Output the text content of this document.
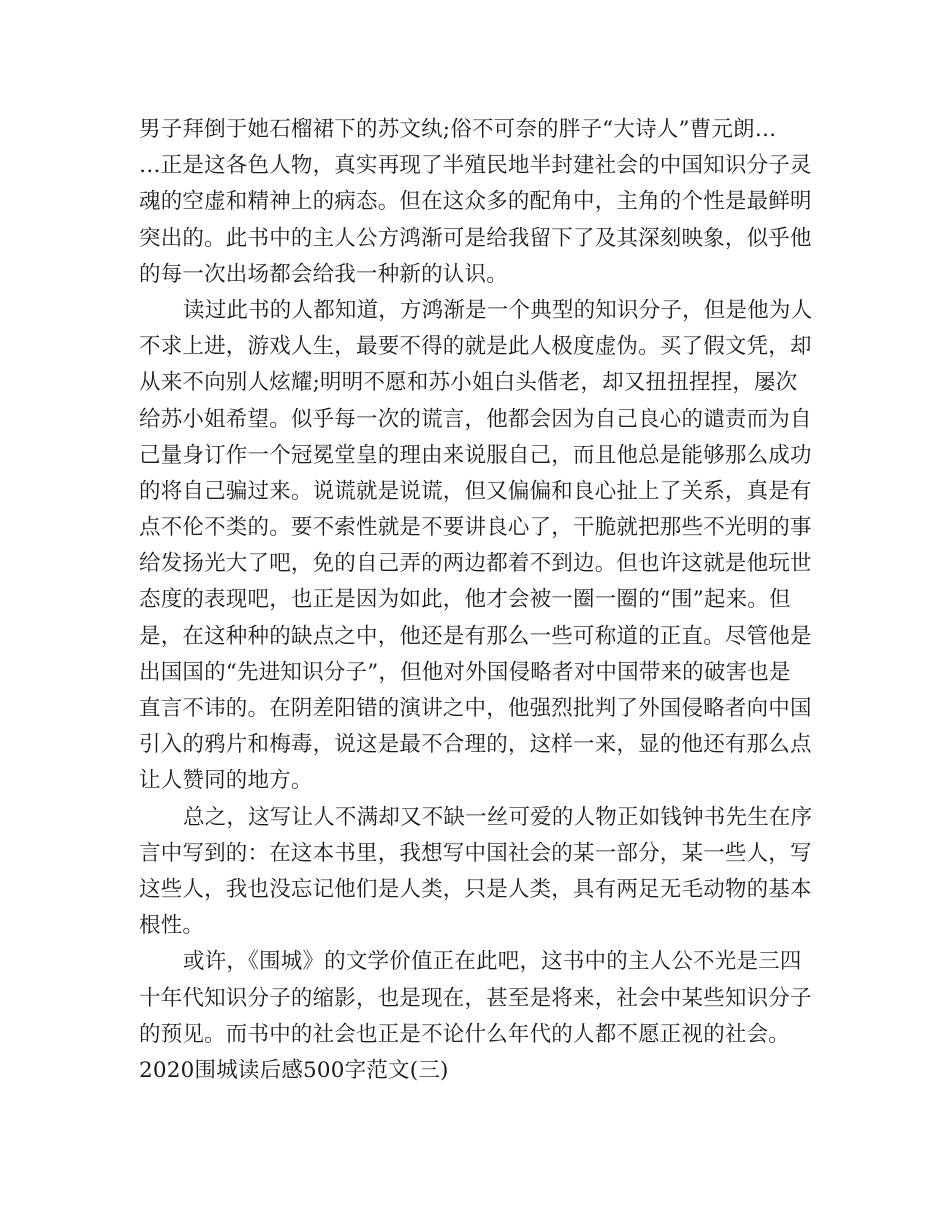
男子拜倒于她石榴裙下的苏文纨;俗不可奈的胖子“大诗人”曹元朗…
…正是这各色人物，真实再现了半殖民地半封建社会的中国知识分子灵
魂的空虚和精神上的病态。但在这众多的配角中，主角的个性是最鲜明
突出的。此书中的主人公方鸿渐可是给我留下了及其深刻映象，似乎他
的每一次出场都会给我一种新的认识。
读过此书的人都知道，方鸿渐是一个典型的知识分子，但是他为人
不求上进，游戏人生，最要不得的就是此人极度虚伪。买了假文凭，却
从来不向别人炫耀;明明不愿和苏小姐白头偕老，却又扭扭捏捏，屡次
给苏小姐希望。似乎每一次的谎言，他都会因为自己良心的谴责而为自
己量身订作一个冠冕堂皇的理由来说服自己，而且他总是能够那么成功
的将自己骗过来。说谎就是说谎，但又偏偏和良心扯上了关系，真是有
点不伦不类的。要不索性就是不要讲良心了，干脆就把那些不光明的事
给发扬光大了吧，免的自己弄的两边都着不到边。但也许这就是他玩世
态度的表现吧，也正是因为如此，他才会被一圈一圈的“围”起来。但
是，在这种种的缺点之中，他还是有那么一些可称道的正直。尽管他是
出国国的“先进知识分子”，但他对外国侵略者对中国带来的破害也是
直言不讳的。在阴差阳错的演讲之中，他强烈批判了外国侵略者向中国
引入的鸦片和梅毒，说这是最不合理的，这样一来，显的他还有那么点
让人赞同的地方。
总之，这写让人不满却又不缺一丝可爱的人物正如钱钟书先生在序
言中写到的：在这本书里，我想写中国社会的某一部分，某一些人，写
这些人，我也没忘记他们是人类，只是人类，具有两足无毛动物的基本
根性。
或许，《围城》的文学价值正在此吧，这书中的主人公不光是三四
十年代知识分子的缩影，也是现在，甚至是将来，社会中某些知识分子
的预见。而书中的社会也正是不论什么年代的人都不愿正视的社会。
2020围城读后感500字范文(三)
